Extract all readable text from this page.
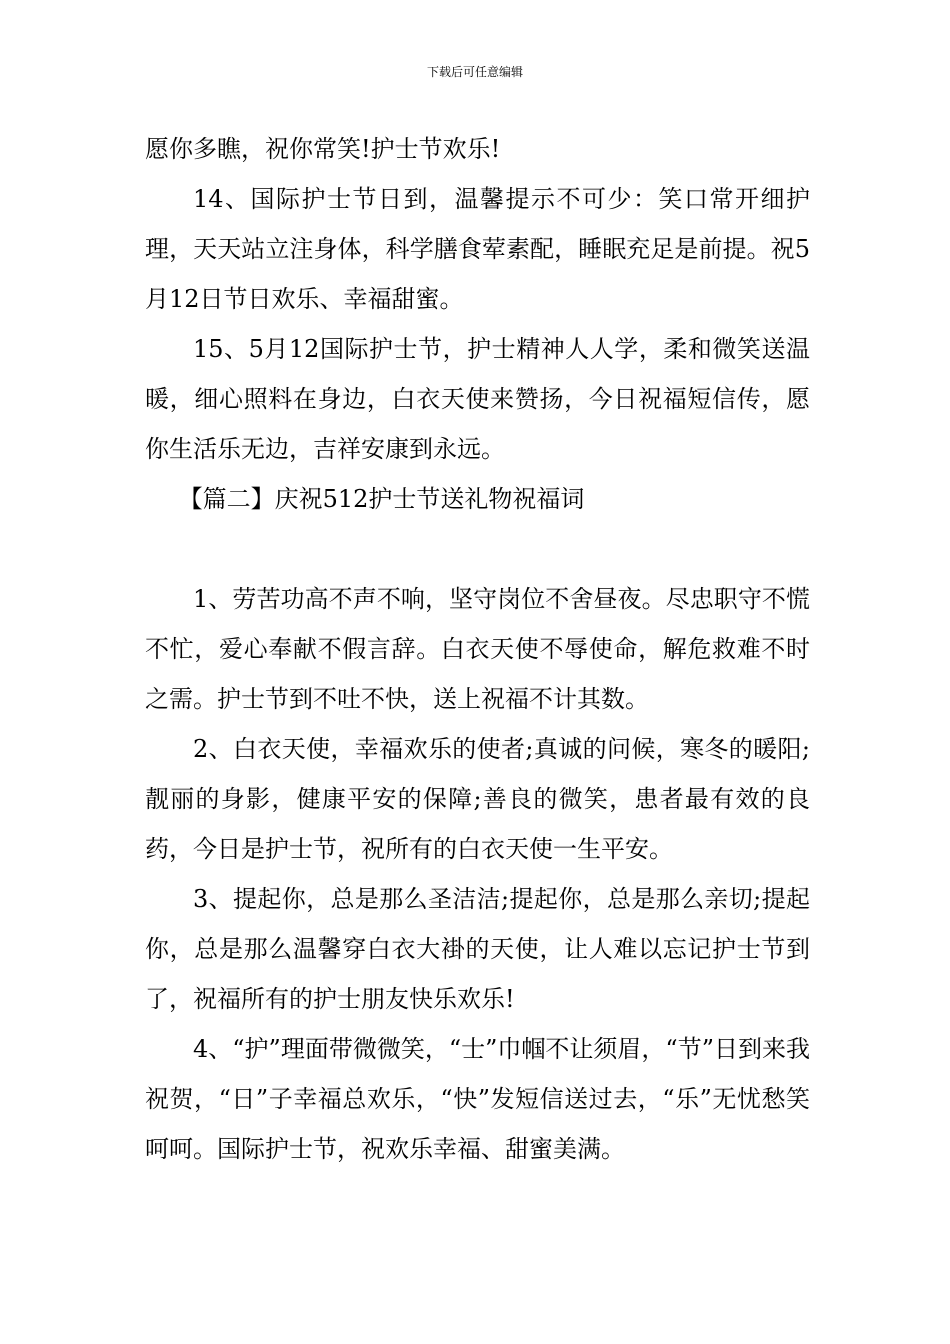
下载后可任意编辑

愿你多瞧，祝你常笑!护士节欢乐!

14、国际护士节日到，温馨提示不可少：笑口常开细护理，天天站立注身体，科学膳食荤素配，睡眠充足是前提。祝5月12日节日欢乐、幸福甜蜜。

15、5月12国际护士节，护士精神人人学，柔和微笑送温暖，细心照料在身边，白衣天使来赞扬，今日祝福短信传，愿你生活乐无边，吉祥安康到永远。

【篇二】庆祝512护士节送礼物祝福词

1、劳苦功高不声不响，坚守岗位不舍昼夜。尽忠职守不慌不忙，爱心奉献不假言辞。白衣天使不辱使命，解危救难不时之需。护士节到不吐不快，送上祝福不计其数。

2、白衣天使，幸福欢乐的使者;真诚的问候，寒冬的暖阳;靓丽的身影，健康平安的保障;善良的微笑，患者最有效的良药，今日是护士节，祝所有的白衣天使一生平安。

3、提起你，总是那么圣洁洁;提起你，总是那么亲切;提起你，总是那么温馨穿白衣大褂的天使，让人难以忘记护士节到了，祝福所有的护士朋友快乐欢乐!

4、“护”理面带微微笑，“士”巾帼不让须眉，“节”日到来我祝贺，“日”子幸福总欢乐，“快”发短信送过去，“乐”无忧愁笑呵呵。国际护士节，祝欢乐幸福、甜蜜美满。
